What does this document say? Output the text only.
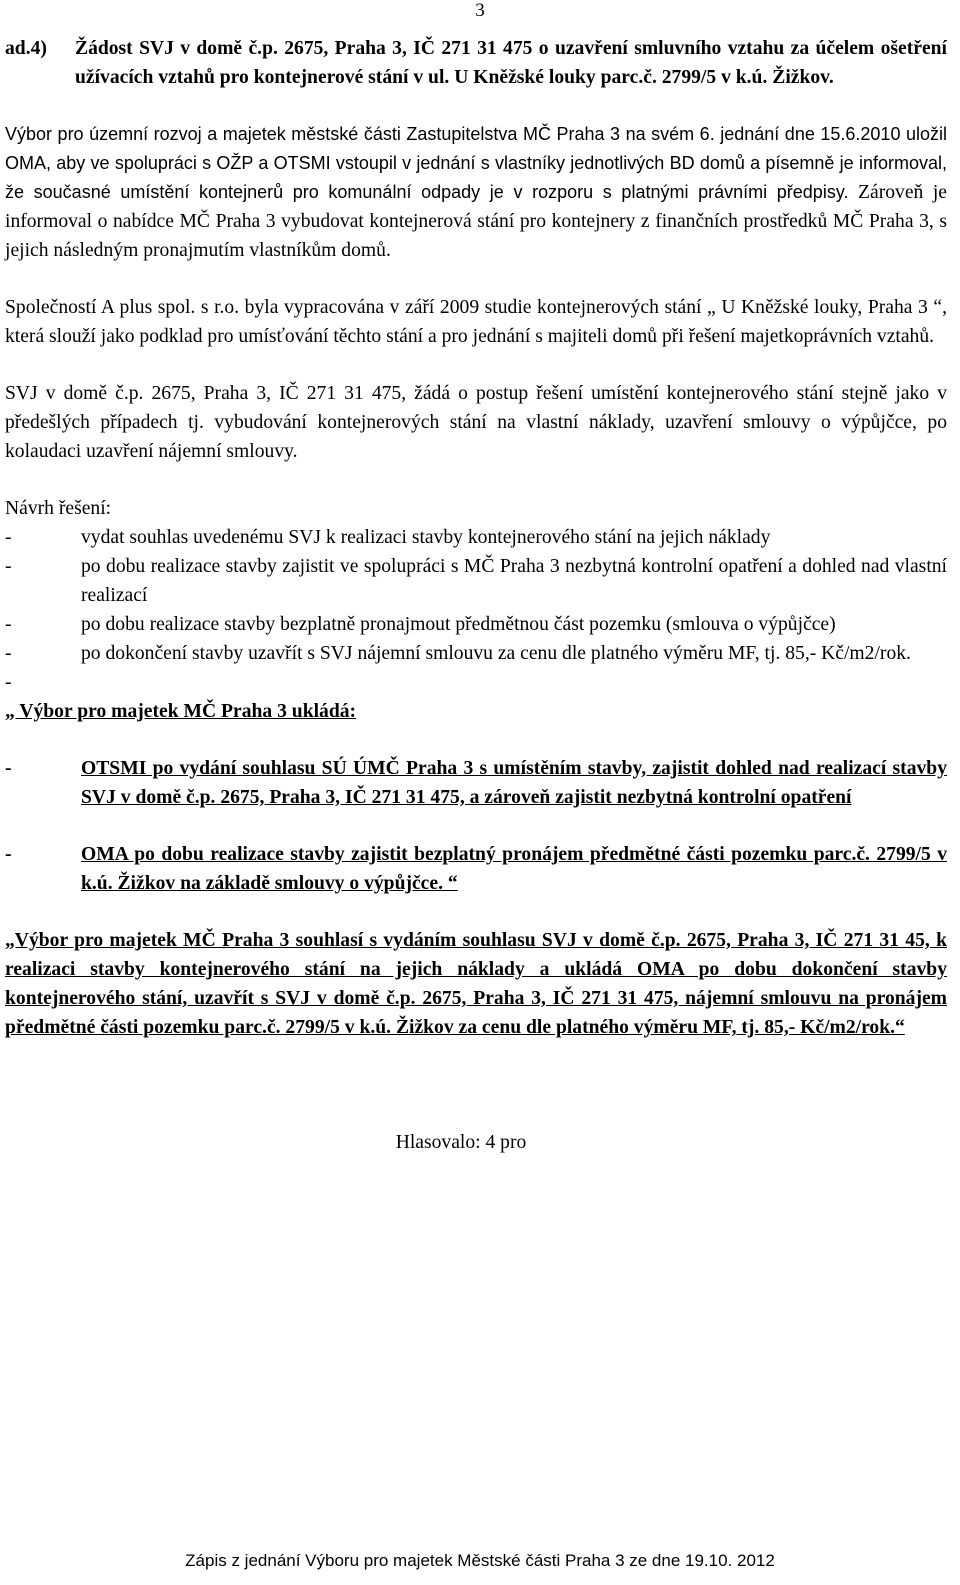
3
ad.4)	Žádost SVJ v domě č.p. 2675, Praha 3, IČ 271 31 475 o uzavření smluvního vztahu za účelem ošetření užívacích vztahů pro kontejnerové stání v ul. U Kněžské louky parc.č. 2799/5 v k.ú. Žižkov.

Výbor pro územní rozvoj a majetek městské části Zastupitelstva MČ Praha 3 na svém 6. jednání dne 15.6.2010 uložil OMA, aby ve spolupráci s OŽP a OTSMI vstoupil v jednání s vlastníky jednotlivých BD domů a písemně je informoval, že současné umístění kontejnerů pro komunální odpady je v rozporu s platnými právními předpisy. Zároveň je informoval o nabídce MČ Praha 3 vybudovat kontejnerová stání pro kontejnery z finančních prostředků MČ Praha 3, s jejich následným pronajmutím vlastníkům domů.

Společností A plus spol. s r.o. byla vypracována v září 2009 studie kontejnerových stání „ U Kněžské louky, Praha 3 “, která slouží jako podklad pro umísťování těchto stání a pro jednání s majiteli domů při řešení majetkoprávních vztahů.

SVJ v domě č.p. 2675, Praha 3, IČ 271 31 475, žádá o postup řešení umístění kontejnerového stání stejně jako v předešlých případech tj. vybudování kontejnerových stání na vlastní náklady, uzavření smlouvy o výpůjčce, po kolaudaci uzavření nájemní smlouvy.

Návrh řešení:

-	vydat souhlas uvedenému SVJ k realizaci stavby kontejnerového stání na jejich náklady
-	po dobu realizace stavby zajistit ve spolupráci s MČ Praha 3 nezbytná kontrolní opatření a dohled nad vlastní realizací
-	po dobu realizace stavby bezplatně pronajmout předmětnou část pozemku (smlouva o výpůjčce)
-	po dokončení stavby uzavřít s SVJ nájemní smlouvu za cenu dle platného výměru MF, tj. 85,- Kč/m2/rok.
-

„ Výbor pro majetek MČ Praha 3 ukládá:

-	OTSMI po vydání souhlasu SÚ ÚMČ Praha 3 s umístěním stavby, zajistit dohled nad realizací stavby SVJ v domě č.p. 2675, Praha 3, IČ 271 31 475, a zároveň zajistit nezbytná kontrolní opatření
-	OMA po dobu realizace stavby zajistit bezplatný pronájem předmětné části pozemku parc.č. 2799/5 v k.ú. Žižkov na základě smlouvy o výpůjčce. “

„Výbor pro majetek MČ Praha 3 souhlasí s vydáním souhlasu SVJ v domě č.p. 2675, Praha 3, IČ 271 31 45, k realizaci stavby kontejnerového stání na jejich náklady a ukládá OMA po dobu dokončení stavby kontejnerového stání, uzavřít s SVJ v domě č.p. 2675, Praha 3, IČ 271 31 475, nájemní smlouvu na pronájem předmětné části pozemku parc.č. 2799/5 v k.ú. Žižkov za cenu dle platného výměru MF, tj. 85,- Kč/m2/rok.“

Hlasovalo: 4 pro

Zápis z jednání Výboru pro majetek Městské části Praha 3 ze dne 19.10. 2012
